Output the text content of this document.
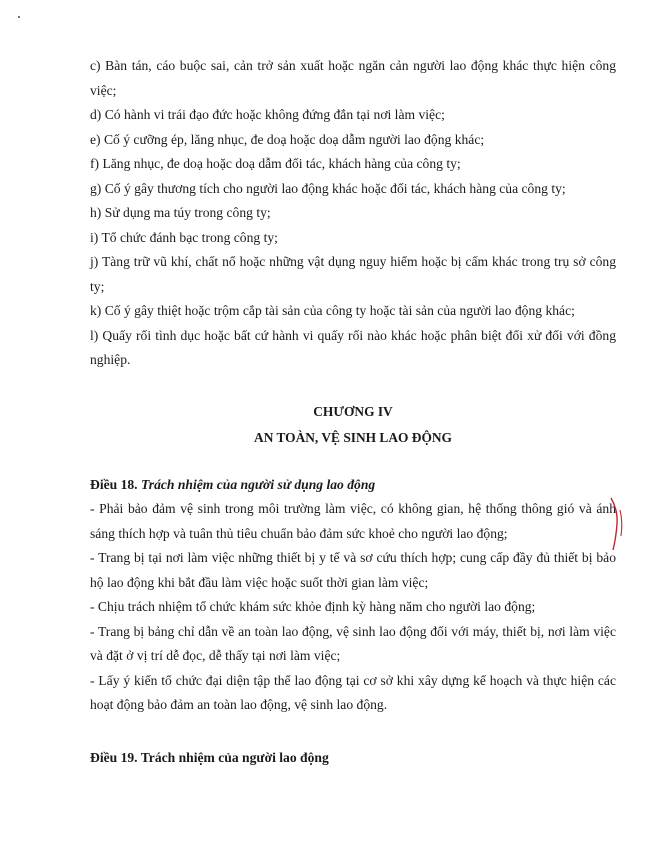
c) Bàn tán, cáo buộc sai, cản trở sản xuất hoặc ngăn cản người lao động khác thực hiện công việc;

d) Có hành vi trái đạo đức hoặc không đứng đắn tại nơi làm việc;

e) Cố ý cưỡng ép, lăng nhục, đe doạ hoặc doạ dẫm người lao động khác;

f) Lăng nhục, đe doạ hoặc doạ dẫm đối tác, khách hàng của công ty;

g) Cố ý gây thương tích cho người lao động khác hoặc đối tác, khách hàng của công ty;

h) Sử dụng ma túy trong công ty;

i) Tổ chức đánh bạc trong công ty;

j) Tàng trữ vũ khí, chất nổ hoặc những vật dụng nguy hiểm hoặc bị cấm khác trong trụ sở công ty;

k) Cố ý gây thiệt hoặc trộm cắp tài sản của công ty hoặc tài sản của người lao động khác;

l) Quấy rối tình dục hoặc bất cứ hành vi quấy rối nào khác hoặc phân biệt đối xử đối với đồng nghiệp.

CHƯƠNG IV

AN TOÀN, VỆ SINH LAO ĐỘNG

Điều 18. Trách nhiệm của người sử dụng lao động

- Phải bảo đảm vệ sinh trong môi trường làm việc, có không gian, hệ thống thông gió và ánh sáng thích hợp và tuân thủ tiêu chuẩn bảo đảm sức khoẻ cho người lao động;

- Trang bị tại nơi làm việc những thiết bị y tế và sơ cứu thích hợp; cung cấp đầy đủ thiết bị bảo hộ lao động khi bắt đầu làm việc hoặc suốt thời gian làm việc;

- Chịu trách nhiệm tổ chức khám sức khỏe định kỳ hàng năm cho người lao động;

- Trang bị bảng chỉ dẫn về an toàn lao động, vệ sinh lao động đối với máy, thiết bị, nơi làm việc và đặt ở vị trí dễ đọc, dễ thấy tại nơi làm việc;

- Lấy ý kiến tổ chức đại diện tập thể lao động tại cơ sở khi xây dựng kế hoạch và thực hiện các hoạt động bảo đảm an toàn lao động, vệ sinh lao động.

Điều 19. Trách nhiệm của người lao động
